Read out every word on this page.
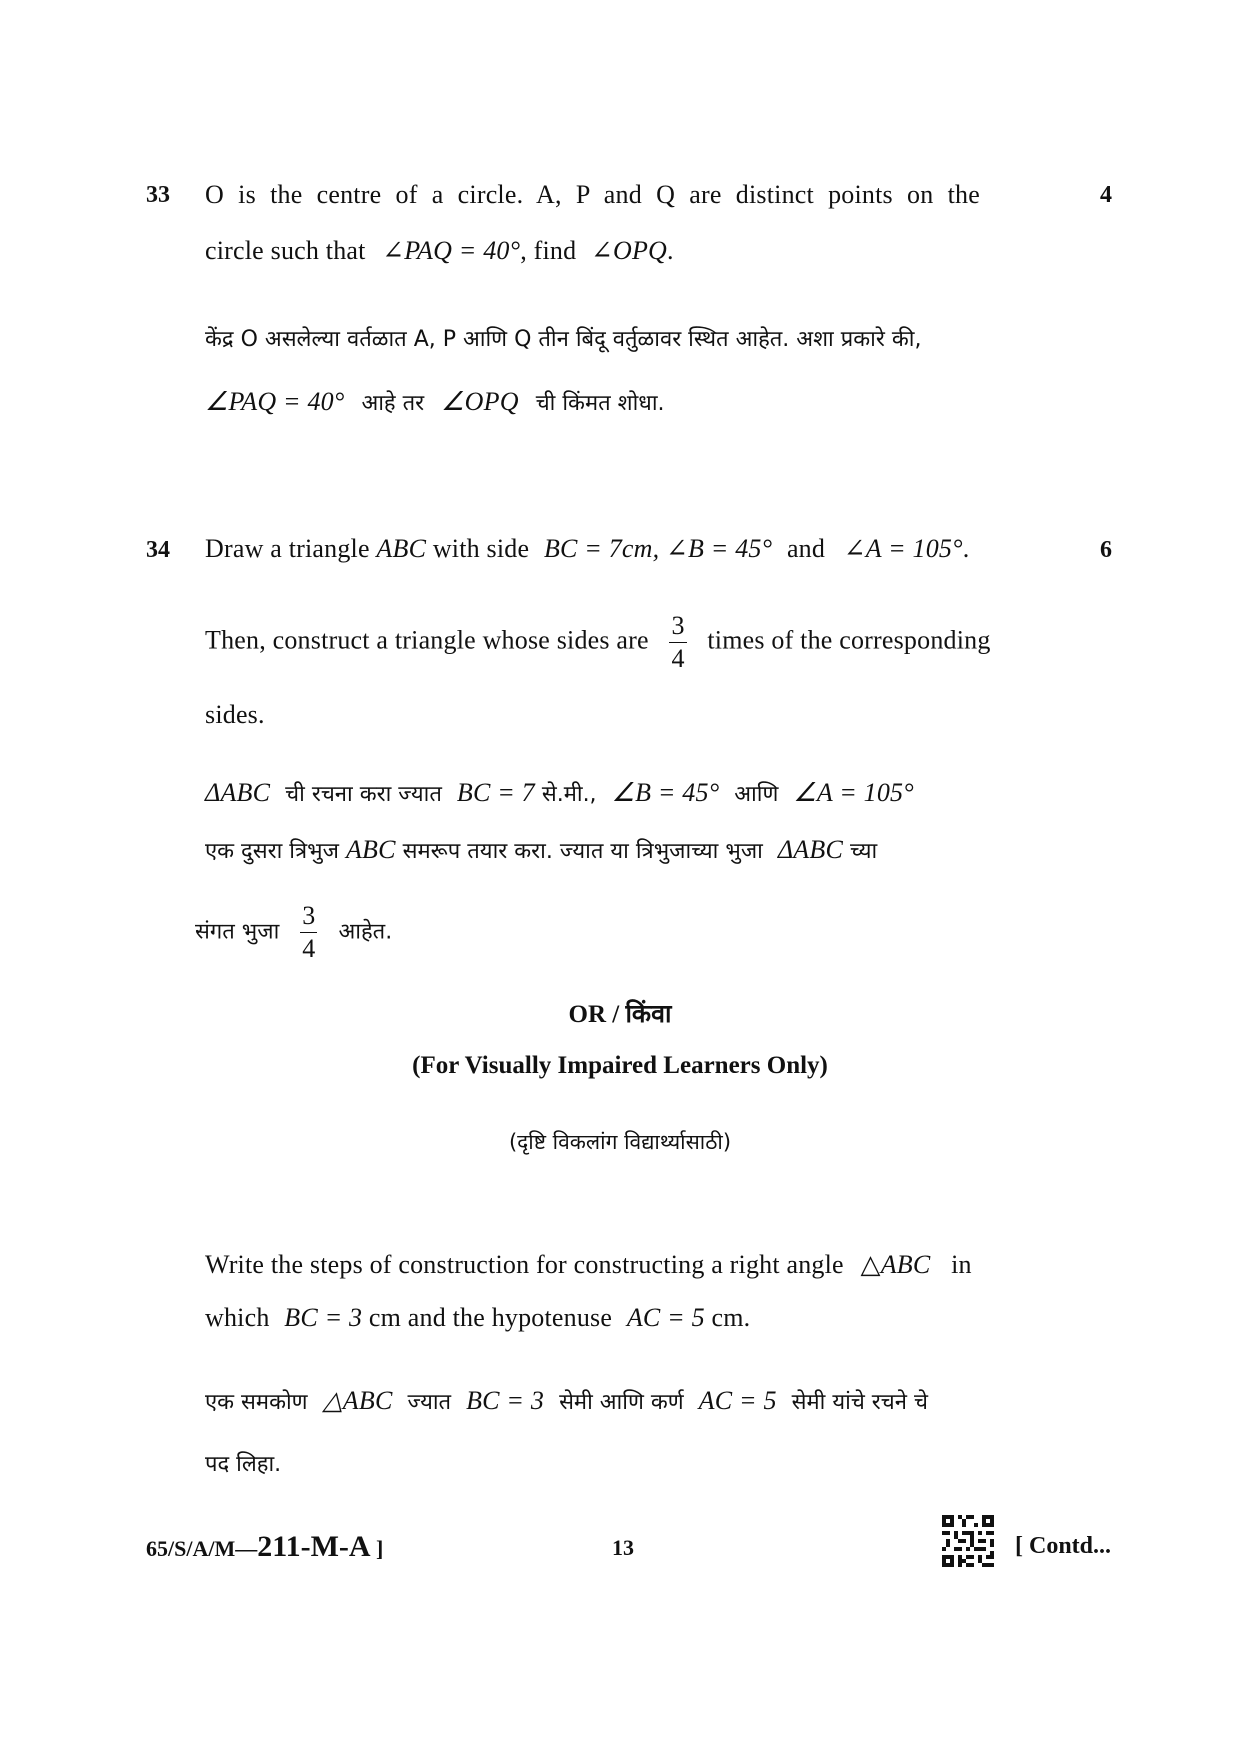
33	4
O is the centre of a circle. A, P and Q are distinct points on the
circle such that ∠PAQ = 40°, find ∠OPQ.
केंद्र O असलेल्या वर्तळात A, P आणि Q तीन बिंदू वर्तुळावर स्थित आहेत. अशा प्रकारे की,
∠PAQ = 40° आहे तर ∠OPQ ची किंमत शोधा.
34	6
Draw a triangle ABC with side BC = 7cm, ∠B = 45° and ∠A = 105°.
Then, construct a triangle whose sides are $\frac{3}{4}$ times of the corresponding
sides.
ΔABC ची रचना करा ज्यात BC = 7 से.मी., ∠B = 45° आणि ∠A = 105°
एक दुसरा त्रिभुज ABC समरूप तयार करा. ज्यात या त्रिभुजाच्या भुजा ΔABC च्या
संगत भुजा $\frac{3}{4}$ आहेत.
OR / किंवा
(For Visually Impaired Learners Only)
(दृष्टि विकलांग विद्यार्थ्यासाठी)
Write the steps of construction for constructing a right angle △ABC in
which BC = 3 cm and the hypotenuse AC = 5 cm.
एक समकोण △ABC ज्यात BC = 3 सेमी आणि कर्ण AC = 5 सेमी यांचे रचने चे
पद लिहा.
65/S/A/M—211-M-A ]	13	[ Contd...
